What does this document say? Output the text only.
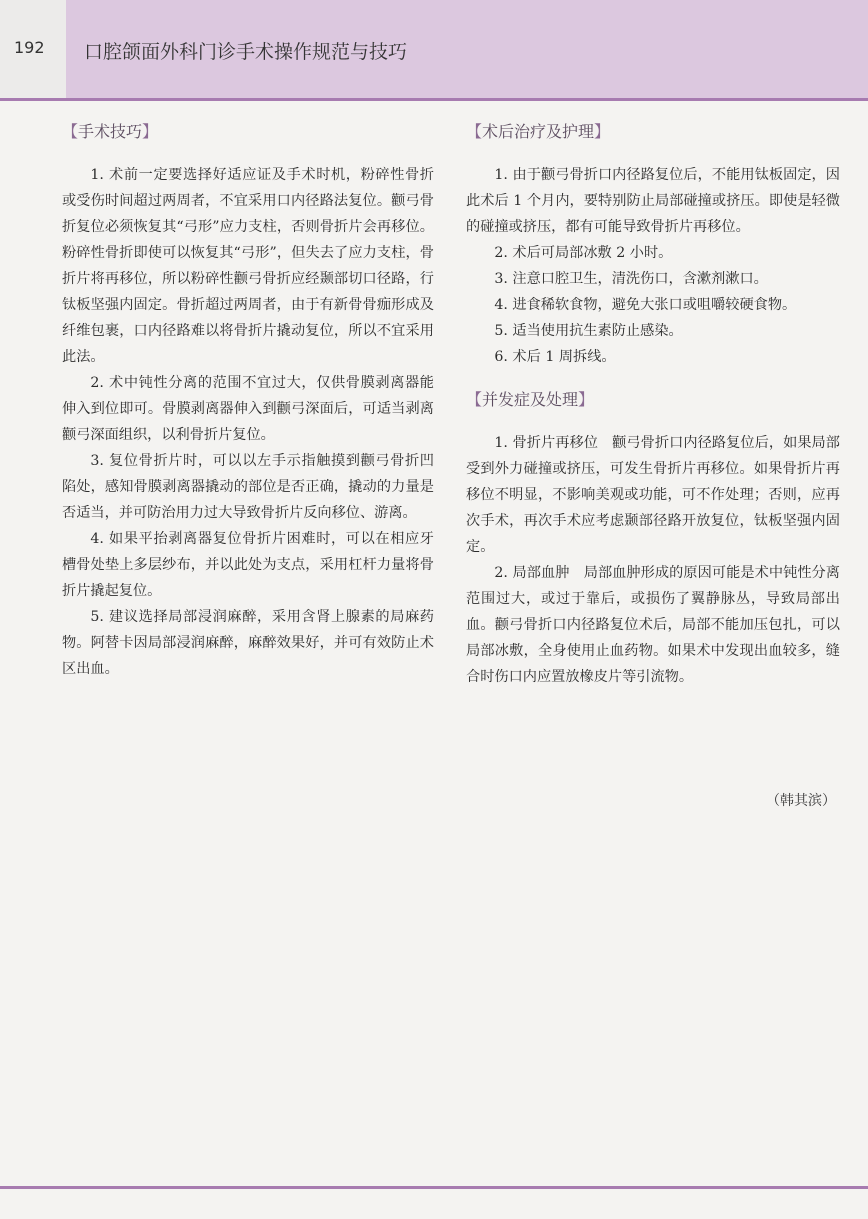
192 口腔颌面外科门诊手术操作规范与技巧
【手术技巧】

1. 术前一定要选择好适应证及手术时机，粉碎性骨折或受伤时间超过两周者，不宜采用口内径路法复位。颧弓骨折复位必须恢复其“弓形”应力支柱，否则骨折片会再移位。粉碎性骨折即使可以恢复其“弓形”，但失去了应力支柱，骨折片将再移位，所以粉碎性颧弓骨折应经颞部切口径路，行钛板坚强内固定。骨折超过两周者，由于有新骨骨痂形成及纤维包裹，口内径路难以将骨折片撬动复位，所以不宜采用此法。

2. 术中钝性分离的范围不宜过大，仅供骨膜剥离器能伸入到位即可。骨膜剥离器伸入到颧弓深面后，可适当剥离颧弓深面组织，以利骨折片复位。

3. 复位骨折片时，可以以左手示指触摸到颧弓骨折凹陷处，感知骨膜剥离器撬动的部位是否正确，撬动的力量是否适当，并可防治用力过大导致骨折片反向移位、游离。

4. 如果平抬剥离器复位骨折片困难时，可以在相应牙槽骨处垫上多层纱布，并以此处为支点，采用杠杆力量将骨折片撬起复位。

5. 建议选择局部浸润麻醉，采用含肾上腺素的局麻药物。阿替卡因局部浸润麻醉，麻醉效果好，并可有效防止术区出血。

【术后治疗及护理】

1. 由于颧弓骨折口内径路复位后，不能用钛板固定，因此术后 1 个月内，要特别防止局部碰撞或挤压。即使是轻微的碰撞或挤压，都有可能导致骨折片再移位。

2. 术后可局部冰敷 2 小时。

3. 注意口腔卫生，清洗伤口，含漱剂漱口。

4. 进食稀软食物，避免大张口或咀嚼较硬食物。

5. 适当使用抗生素防止感染。

6. 术后 1 周拆线。

【并发症及处理】

1. 骨折片再移位　颧弓骨折口内径路复位后，如果局部受到外力碰撞或挤压，可发生骨折片再移位。如果骨折片再移位不明显，不影响美观或功能，可不作处理；否则，应再次手术，再次手术应考虑颞部径路开放复位，钛板坚强内固定。

2. 局部血肿　局部血肿形成的原因可能是术中钝性分离范围过大，或过于靠后，或损伤了翼静脉丛，导致局部出血。颧弓骨折口内径路复位术后，局部不能加压包扎，可以局部冰敷，全身使用止血药物。如果术中发现出血较多，缝合时伤口内应置放橡皮片等引流物。

（韩其滨）
